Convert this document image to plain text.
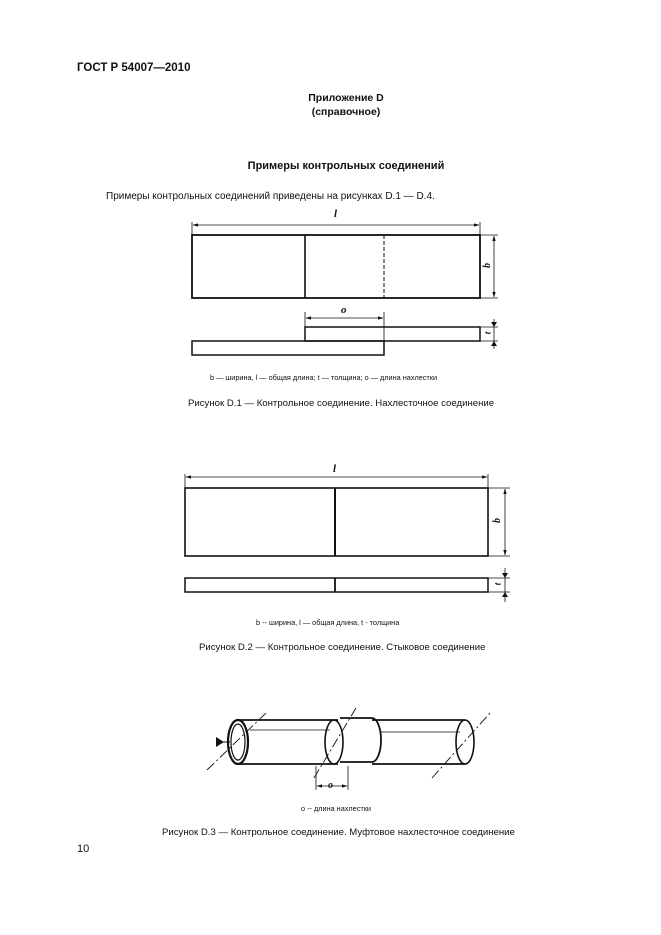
ГОСТ Р 54007—2010
Приложение D
(справочное)
Примеры контрольных соединений
Примеры контрольных соединений приведены на рисунках D.1 — D.4.
l
b
o
t
b — ширина, l — общая длина; t — толщина; o — длина нахлестки
Рисунок D.1 — Контрольное соединение. Нахлесточное соединение
l
b
t
b -- ширина, l — общая длина, t - толщина
Рисунок D.2 — Контрольное соединение. Стыковое соединение
o
o -- длина нахлестки
Рисунок D.3 — Контрольное соединение. Муфтовое нахлесточное соединение
10
